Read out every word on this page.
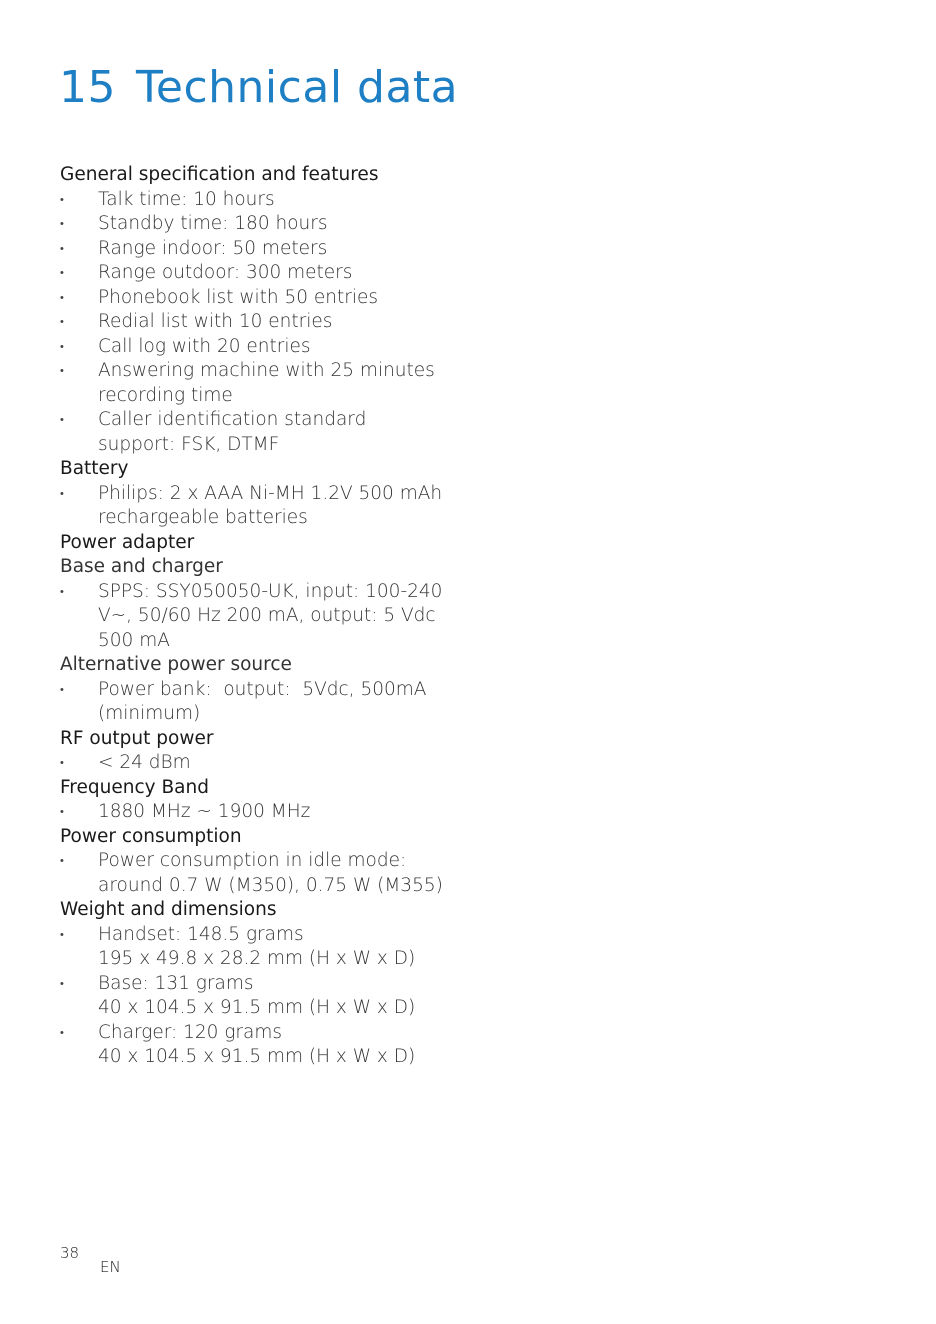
15 Technical data
General specification and features
• Talk time: 10 hours
• Standby time: 180 hours
• Range indoor: 50 meters
• Range outdoor: 300 meters
• Phonebook list with 50 entries
• Redial list with 10 entries
• Call log with 20 entries
• Answering machine with 25 minutes recording time
• Caller identification standard support: FSK, DTMF
Battery
• Philips: 2 x AAA Ni-MH 1.2V 500 mAh rechargeable batteries
Power adapter
Base and charger
• SPPS: SSY050050-UK, input: 100-240 V~, 50/60 Hz 200 mA, output: 5 Vdc 500 mA
Alternative power source
• Power bank:  output:  5Vdc, 500mA (minimum)
RF output power
• < 24 dBm
Frequency Band
• 1880 MHz ~ 1900 MHz
Power consumption
• Power consumption in idle mode: around 0.7 W (M350), 0.75 W (M355)
Weight and dimensions
• Handset: 148.5 grams
195 x 49.8 x 28.2 mm (H x W x D)
• Base: 131 grams
40 x 104.5 x 91.5 mm (H x W x D)
• Charger: 120 grams
40 x 104.5 x 91.5 mm (H x W x D)
38
EN
